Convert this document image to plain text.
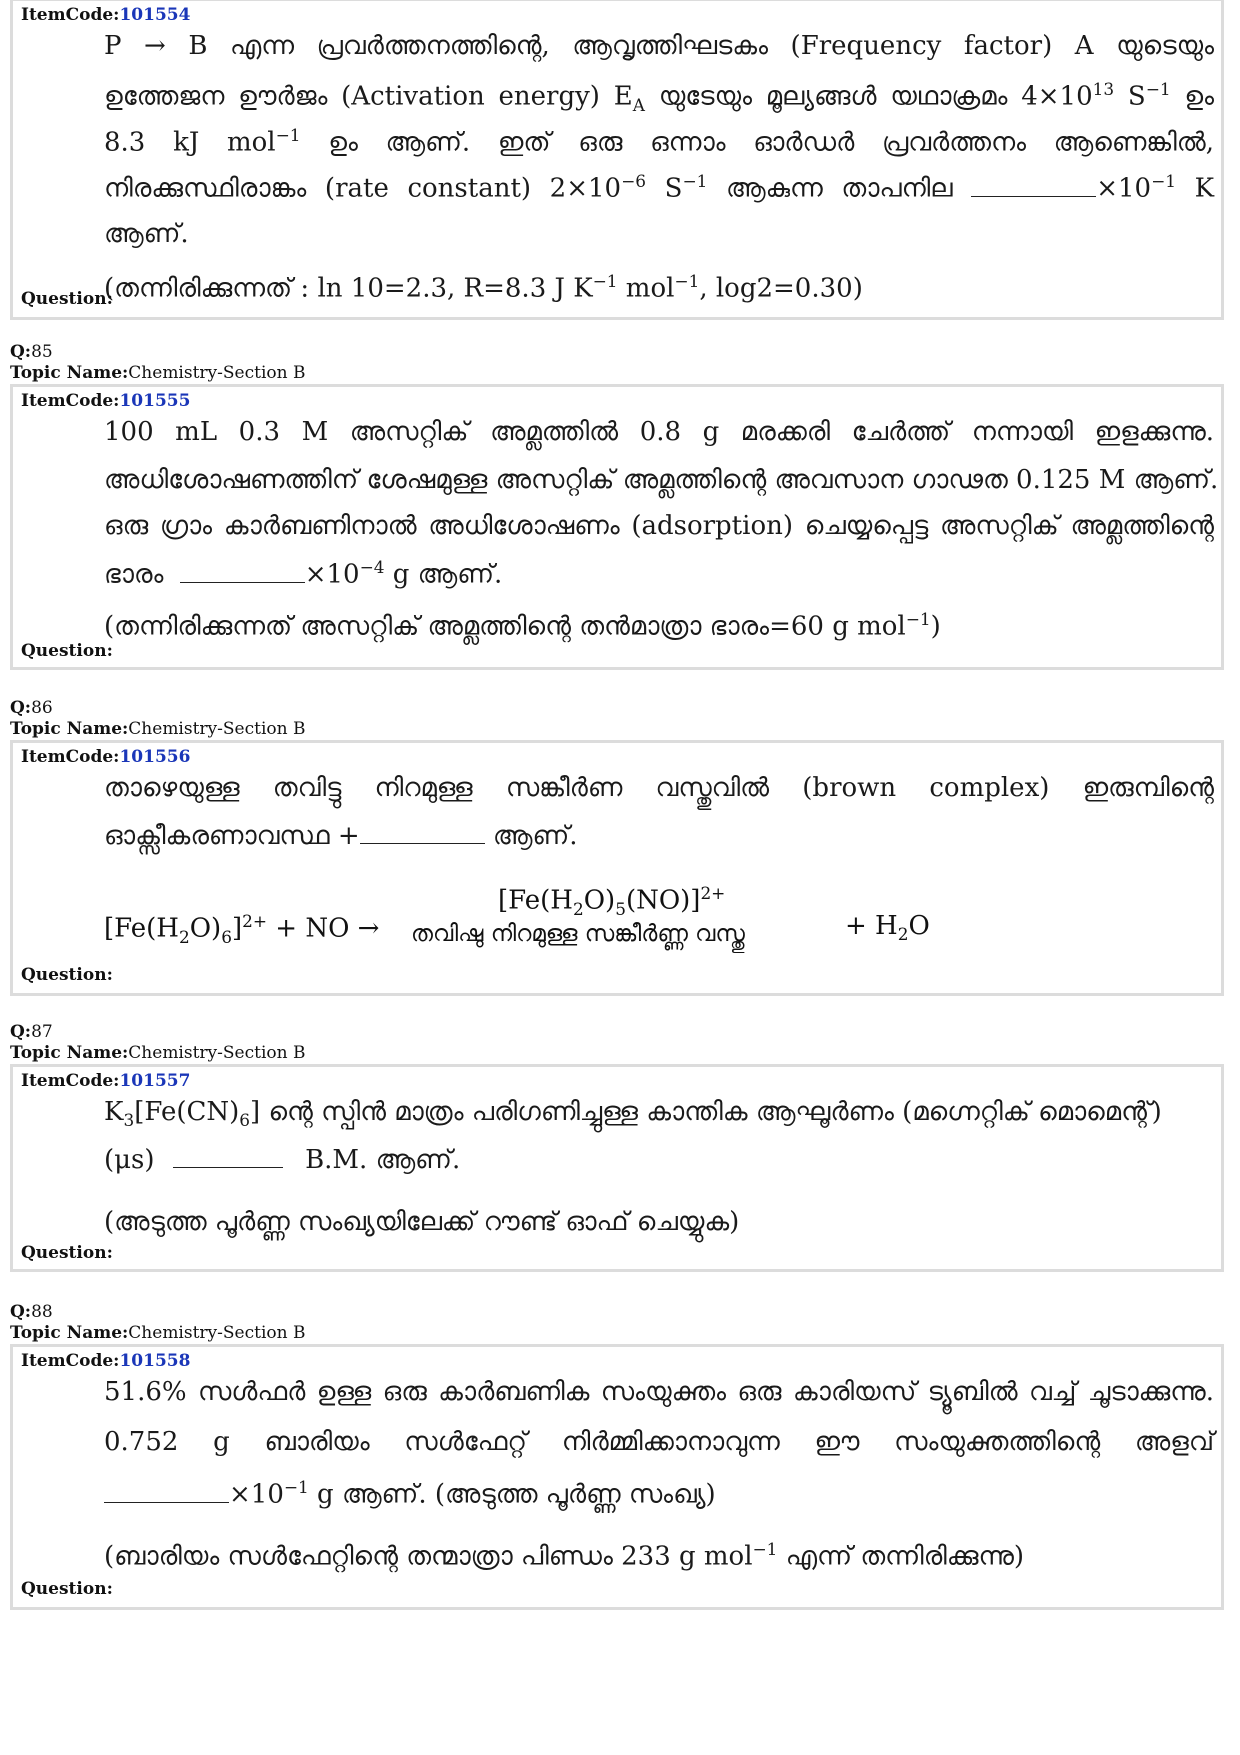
ItemCode:101554
P → B എന്ന പ്രവർത്തനത്തിന്റെ, ആവൃത്തിഘടകം (Frequency factor) A യുടെയും
ഉത്തേജന ഊർജം (Activation energy) $E_A$ യുടേയും മൂല്യങ്ങൾ യഥാക്രമം $4\times 10^{13}$ $S^{-1}$ ഉം
8.3 kJ mol$^{-1}$ ഉം ആണ്. ഇത് ഒരു ഒന്നാം ഓർഡർ പ്രവർത്തനം ആണെങ്കിൽ,
നിരക്കുസ്ഥിരാങ്കം (rate constant) $2\times 10^{-6}$ $S^{-1}$ ആകുന്ന താപനില	$\times 10^{-1}$ K
ആണ്.
(തന്നിരിക്കുന്നത് : ln 10=2.3, R=8.3 J $K^{-1}$ mol$^{-1}$, log2=0.30)
Question:
Q:85
Topic Name:Chemistry-Section B
ItemCode:101555
100 mL 0.3 M അസറ്റിക് അമ്ലത്തിൽ 0.8 g മരക്കരി ചേർത്ത് നന്നായി ഇളക്കുന്നു.
അധിശോഷണത്തിന് ശേഷമുള്ള അസറ്റിക് അമ്ലത്തിന്റെ അവസാന ഗാഢത 0.125 M ആണ്.
ഒരു ഗ്രാം കാർബണിനാൽ അധിശോഷണം (adsorption) ചെയ്യപ്പെട്ട അസറ്റിക് അമ്ലത്തിന്റെ
ഭാരം	$\times 10^{-4}$ g ആണ്.
(തന്നിരിക്കുന്നത് അസറ്റിക് അമ്ലത്തിന്റെ തൻമാത്രാ ഭാരം=60 g mol$^{-1}$)
Question:
Q:86
Topic Name:Chemistry-Section B
ItemCode:101556
താഴെയുള്ള തവിട്ടു നിറമുള്ള സങ്കീർണ വസ്തുവിൽ (brown complex) ഇരുമ്പിന്റെ
ഓക്സീകരണാവസ്ഥ +	ആണ്.
$[Fe(H_2O)_6]^{2+}$ + NO →
$[Fe(H_2O)_5(NO)]^{2+}$
തവിഷു നിറമുള്ള സങ്കീർണ്ണ വസ്തു	+ $H_2O$
Question:
Q:87
Topic Name:Chemistry-Section B
ItemCode:101557
$K_3[Fe(CN)_6]$ ന്റെ സ്പിൻ മാത്രം പരിഗണിച്ചുള്ള കാന്തിക ആഘൂർണം (മഗ്നെറ്റിക് മൊമെന്റ്)
(μs)	B.M. ആണ്.
(അടുത്ത പൂർണ്ണ സംഖ്യയിലേക്ക് റൗണ്ട് ഓഫ് ചെയ്യുക)
Question:
Q:88
Topic Name:Chemistry-Section B
ItemCode:101558
51.6% സൾഫർ ഉള്ള ഒരു കാർബണിക സംയുക്തം ഒരു കാരിയസ് ട്യൂബിൽ വച്ച് ചൂടാക്കുന്നു.
0.752 g ബാരിയം സൾഫേറ്റ് നിർമ്മിക്കാനാവുന്ന ഈ സംയുക്തത്തിന്റെ അളവ്
$\times 10^{-1}$ g ആണ്. (അടുത്ത പൂർണ്ണ സംഖ്യ)
(ബാരിയം സൾഫേറ്റിന്റെ തന്മാത്രാ പിണ്ഡം 233 g mol$^{-1}$ എന്ന് തന്നിരിക്കുന്നു)
Question:
